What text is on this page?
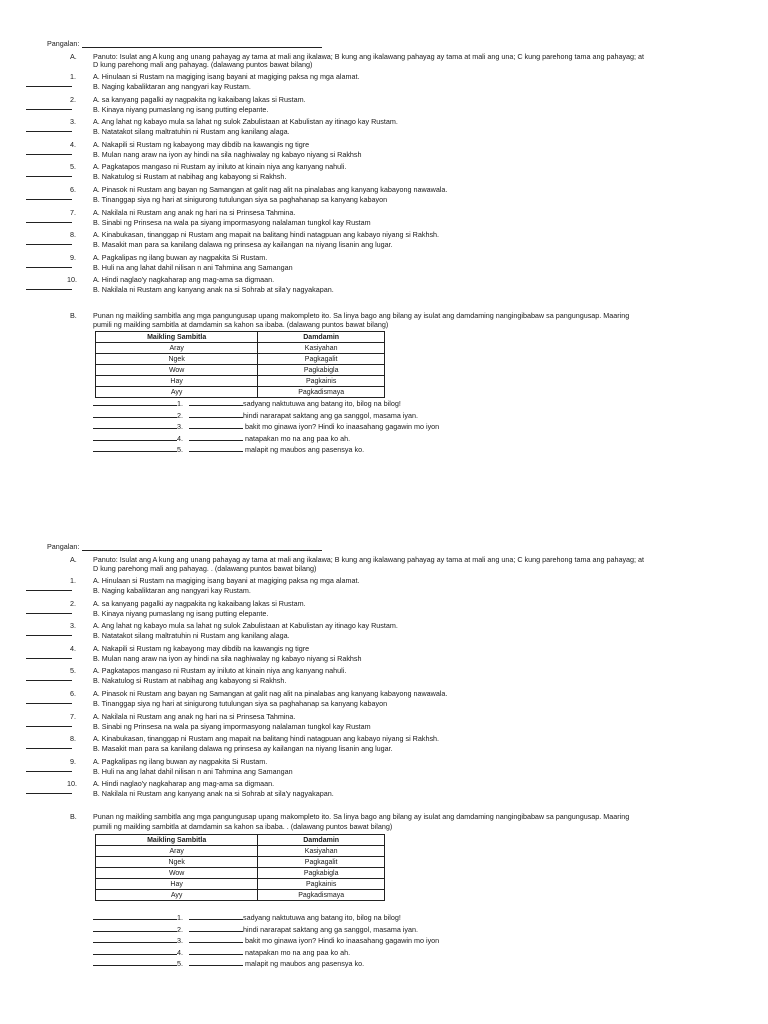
Pangalan:
A. Panuto: Isulat ang A kung ang unang pahayag ay tama at mali ang ikalawa; B kung ang ikalawang pahayag ay tama at mali ang una; C kung parehong tama ang pahayag; at
D kung parehong mali ang pahayag. (dalawang puntos bawat bilang)
1. A. Hinulaan si Rustam na magiging isang bayani at magiging paksa ng mga alamat.
B. Naging kabaliktaran ang nangyari kay Rustam.
2. A. sa kanyang pagalki ay nagpakita ng kakaibang lakas si Rustam.
B. Kinaya niyang pumaslang ng isang putting elepante.
3. A. Ang lahat ng kabayo mula sa lahat ng sulok Zabulistaan at Kabulistan ay itinago kay Rustam.
B. Natatakot silang maltratuhin ni Rustam ang kanilang alaga.
4. A. Nakapili si Rustam ng kabayong may dibdib na kawangis ng tigre
B. Mulan nang araw na iyon ay hindi na sila naghiwalay ng kabayo niyang si Rakhsh
5. A. Pagkatapos mangaso ni Rustam ay iniluto at kinain niya ang kanyang nahuli.
B. Nakatulog si Rustam at nabihag ang kabayong si Rakhsh.
6. A. Pinasok ni Rustam ang bayan ng Samangan at galit nag alit na pinalabas ang kanyang kabayong nawawala.
B. Tinanggap siya ng hari at sinigurong tutulungan siya sa paghahanap sa kanyang kabayon
7. A. Nakilala ni Rustam ang anak ng hari na si Prinsesa Tahmina.
B. Sinabi ng Prinsesa na wala pa siyang impormasyong nalalaman tungkol kay Rustam
8. A. Kinabukasan, tinanggap ni Rustam ang mapait na balitang hindi natagpuan ang kabayo niyang si Rakhsh.
B. Masakit man para sa kanilang dalawa ng prinsesa ay kailangan na niyang lisanin ang lugar.
9. A. Pagkalipas ng ilang buwan ay nagpakita Si Rustam.
B. Huli na ang lahat dahil nilisan n ani Tahmina ang Samangan
10. A. Hindi naglao'y nagkaharap ang mag-ama sa digmaan.
B. Nakilala ni Rustam ang kanyang anak na si Sohrab at sila'y nagyakapan.
B. Punan ng maikling sambitla ang mga pangungusap upang makompleto ito. Sa linya bago ang bilang ay isulat ang damdaming nangingibabaw sa pangungusap. Maaring
pumili ng maikling sambitla at damdamin sa kahon sa ibaba. (dalawang puntos bawat bilang)
Maikling Sambitla	Damdamin
Aray	Kasiyahan
Ngek	Pagkagalit
Wow	Pagkabigla
Hay	Pagkainis
Ayy	Pagkadismaya
1.	sadyang naktutuwa ang batang ito, bilog na bilog!
2.	hindi nararapat saktang ang ga sanggol, masama iyan.
3.	bakit mo ginawa iyon? Hindi ko inaasahang gagawin mo iyon
4.	natapakan mo na ang paa ko ah.
5.	malapit ng maubos ang pasensya ko.
Pangalan:
A. Panuto: Isulat ang A kung ang unang pahayag ay tama at mali ang ikalawa; B kung ang ikalawang pahayag ay tama at mali ang una; C kung parehong tama ang pahayag; at
D kung parehong mali ang pahayag. . (dalawang puntos bawat bilang)
1. A. Hinulaan si Rustam na magiging isang bayani at magiging paksa ng mga alamat.
B. Naging kabaliktaran ang nangyari kay Rustam.
2. A. sa kanyang pagalki ay nagpakita ng kakaibang lakas si Rustam.
B. Kinaya niyang pumaslang ng isang putting elepante.
3. A. Ang lahat ng kabayo mula sa lahat ng sulok Zabulistaan at Kabulistan ay itinago kay Rustam.
B. Natatakot silang maltratuhin ni Rustam ang kanilang alaga.
4. A. Nakapili si Rustam ng kabayong may dibdib na kawangis ng tigre
B. Mulan nang araw na iyon ay hindi na sila naghiwalay ng kabayo niyang si Rakhsh
5. A. Pagkatapos mangaso ni Rustam ay iniluto at kinain niya ang kanyang nahuli.
B. Nakatulog si Rustam at nabihag ang kabayong si Rakhsh.
6. A. Pinasok ni Rustam ang bayan ng Samangan at galit nag alit na pinalabas ang kanyang kabayong nawawala.
B. Tinanggap siya ng hari at sinigurong tutulungan siya sa paghahanap sa kanyang kabayon
7. A. Nakilala ni Rustam ang anak ng hari na si Prinsesa Tahmina.
B. Sinabi ng Prinsesa na wala pa siyang impormasyong nalalaman tungkol kay Rustam
8. A. Kinabukasan, tinanggap ni Rustam ang mapait na balitang hindi natagpuan ang kabayo niyang si Rakhsh.
B. Masakit man para sa kanilang dalawa ng prinsesa ay kailangan na niyang lisanin ang lugar.
9. A. Pagkalipas ng ilang buwan ay nagpakita Si Rustam.
B. Huli na ang lahat dahil nilisan n ani Tahmina ang Samangan
10. A. Hindi naglao'y nagkaharap ang mag-ama sa digmaan.
B. Nakilala ni Rustam ang kanyang anak na si Sohrab at sila'y nagyakapan.
B. Punan ng maikling sambitla ang mga pangungusap upang makompleto ito. Sa linya bago ang bilang ay isulat ang damdaming nangingibabaw sa pangungusap. Maaring
pumili ng maikling sambitla at damdamin sa kahon sa ibaba. . (dalawang puntos bawat bilang)
Maikling Sambitla	Damdamin
Aray	Kasiyahan
Ngek	Pagkagalit
Wow	Pagkabigla
Hay	Pagkainis
Ayy	Pagkadismaya
1.	sadyang naktutuwa ang batang ito, bilog na bilog!
2.	hindi nararapat saktang ang ga sanggol, masama iyan.
3.	bakit mo ginawa iyon? Hindi ko inaasahang gagawin mo iyon
4.	natapakan mo na ang paa ko ah.
5.	malapit ng maubos ang pasensya ko.
